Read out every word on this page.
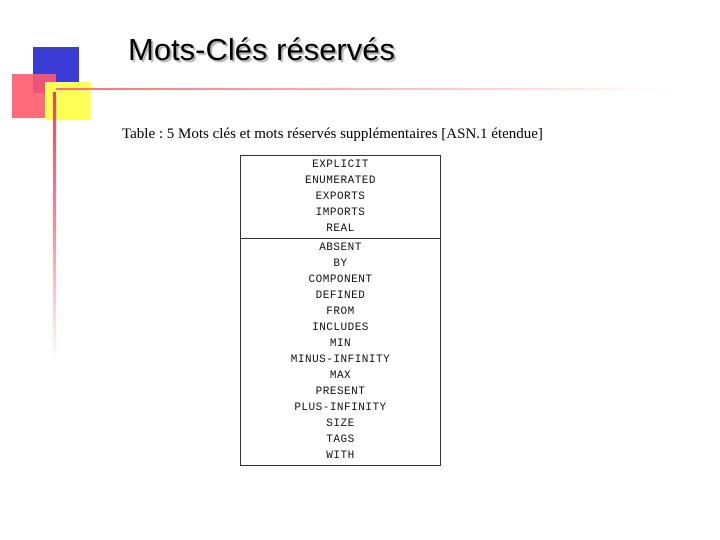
Mots-Clés réservés
Table : 5 Mots clés et mots réservés supplémentaires [ASN.1 étendue]
EXPLICIT
ENUMERATED
EXPORTS
IMPORTS
REAL
ABSENT
BY
COMPONENT
DEFINED
FROM
INCLUDES
MIN
MINUS-INFINITY
MAX
PRESENT
PLUS-INFINITY
SIZE
TAGS
WITH
